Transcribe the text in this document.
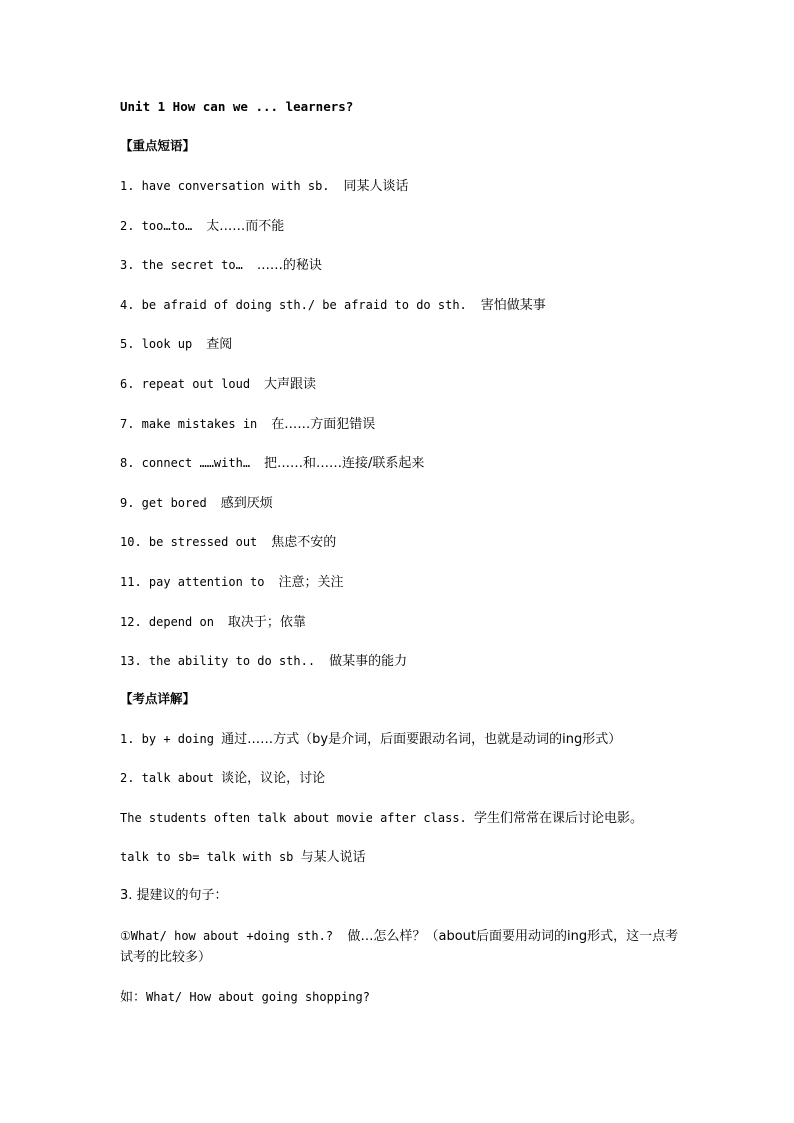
Unit 1 How can we ... learners?
【重点短语】
1. have conversation with sb. 同某人谈话
2. too…to… 太……而不能
3. the secret to… ……的秘诀
4. be afraid of doing sth./ be afraid to do sth. 害怕做某事
5. look up 查阅
6. repeat out loud 大声跟读
7. make mistakes in 在……方面犯错误
8. connect ……with… 把……和……连接/联系起来
9. get bored 感到厌烦
10. be stressed out 焦虑不安的
11. pay attention to 注意；关注
12. depend on 取决于；依靠
13. the ability to do sth.. 做某事的能力
【考点详解】
1. by + doing 通过……方式（by是介词，后面要跟动名词，也就是动词的ing形式）
2. talk about 谈论，议论，讨论
The students often talk about movie after class. 学生们常常在课后讨论电影。
talk to sb= talk with sb 与某人说话
3. 提建议的句子：
①What/ how about +doing sth.? 做…怎么样？（about后面要用动词的ing形式，这一点考试考的比较多）
如：What/ How about going shopping?
